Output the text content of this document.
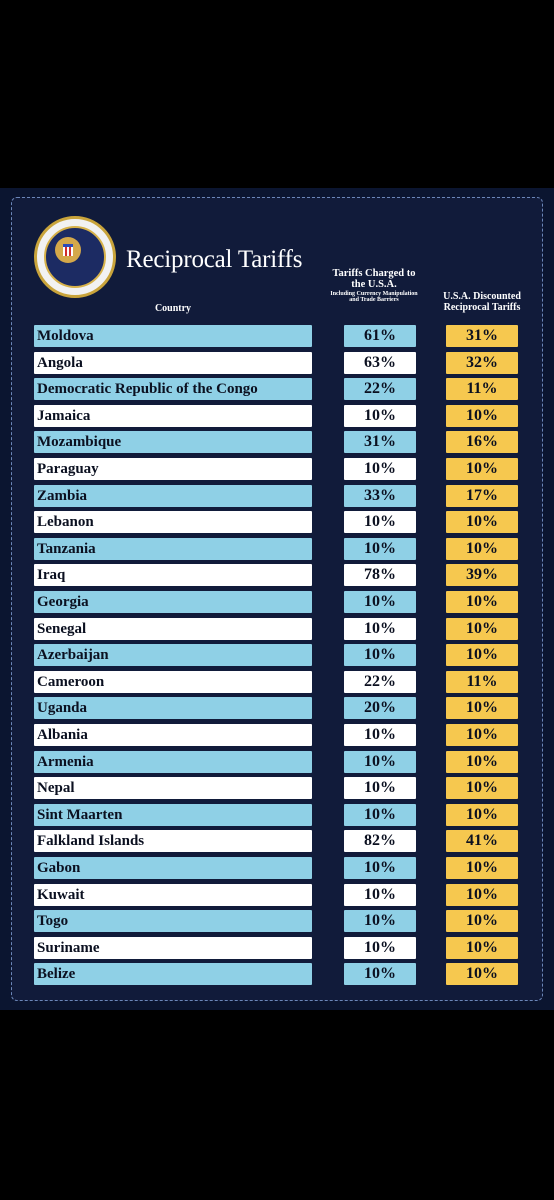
Reciprocal Tariffs
Country
Tariffs Charged to the U.S.A.
Including Currency Manipulation and Trade Barriers	U.S.A. Discounted Reciprocal Tariffs
Moldova	61%	31%
Angola	63%	32%
Democratic Republic of the Congo	22%	11%
Jamaica	10%	10%
Mozambique	31%	16%
Paraguay	10%	10%
Zambia	33%	17%
Lebanon	10%	10%
Tanzania	10%	10%
Iraq	78%	39%
Georgia	10%	10%
Senegal	10%	10%
Azerbaijan	10%	10%
Cameroon	22%	11%
Uganda	20%	10%
Albania	10%	10%
Armenia	10%	10%
Nepal	10%	10%
Sint Maarten	10%	10%
Falkland Islands	82%	41%
Gabon	10%	10%
Kuwait	10%	10%
Togo	10%	10%
Suriname	10%	10%
Belize	10%	10%
